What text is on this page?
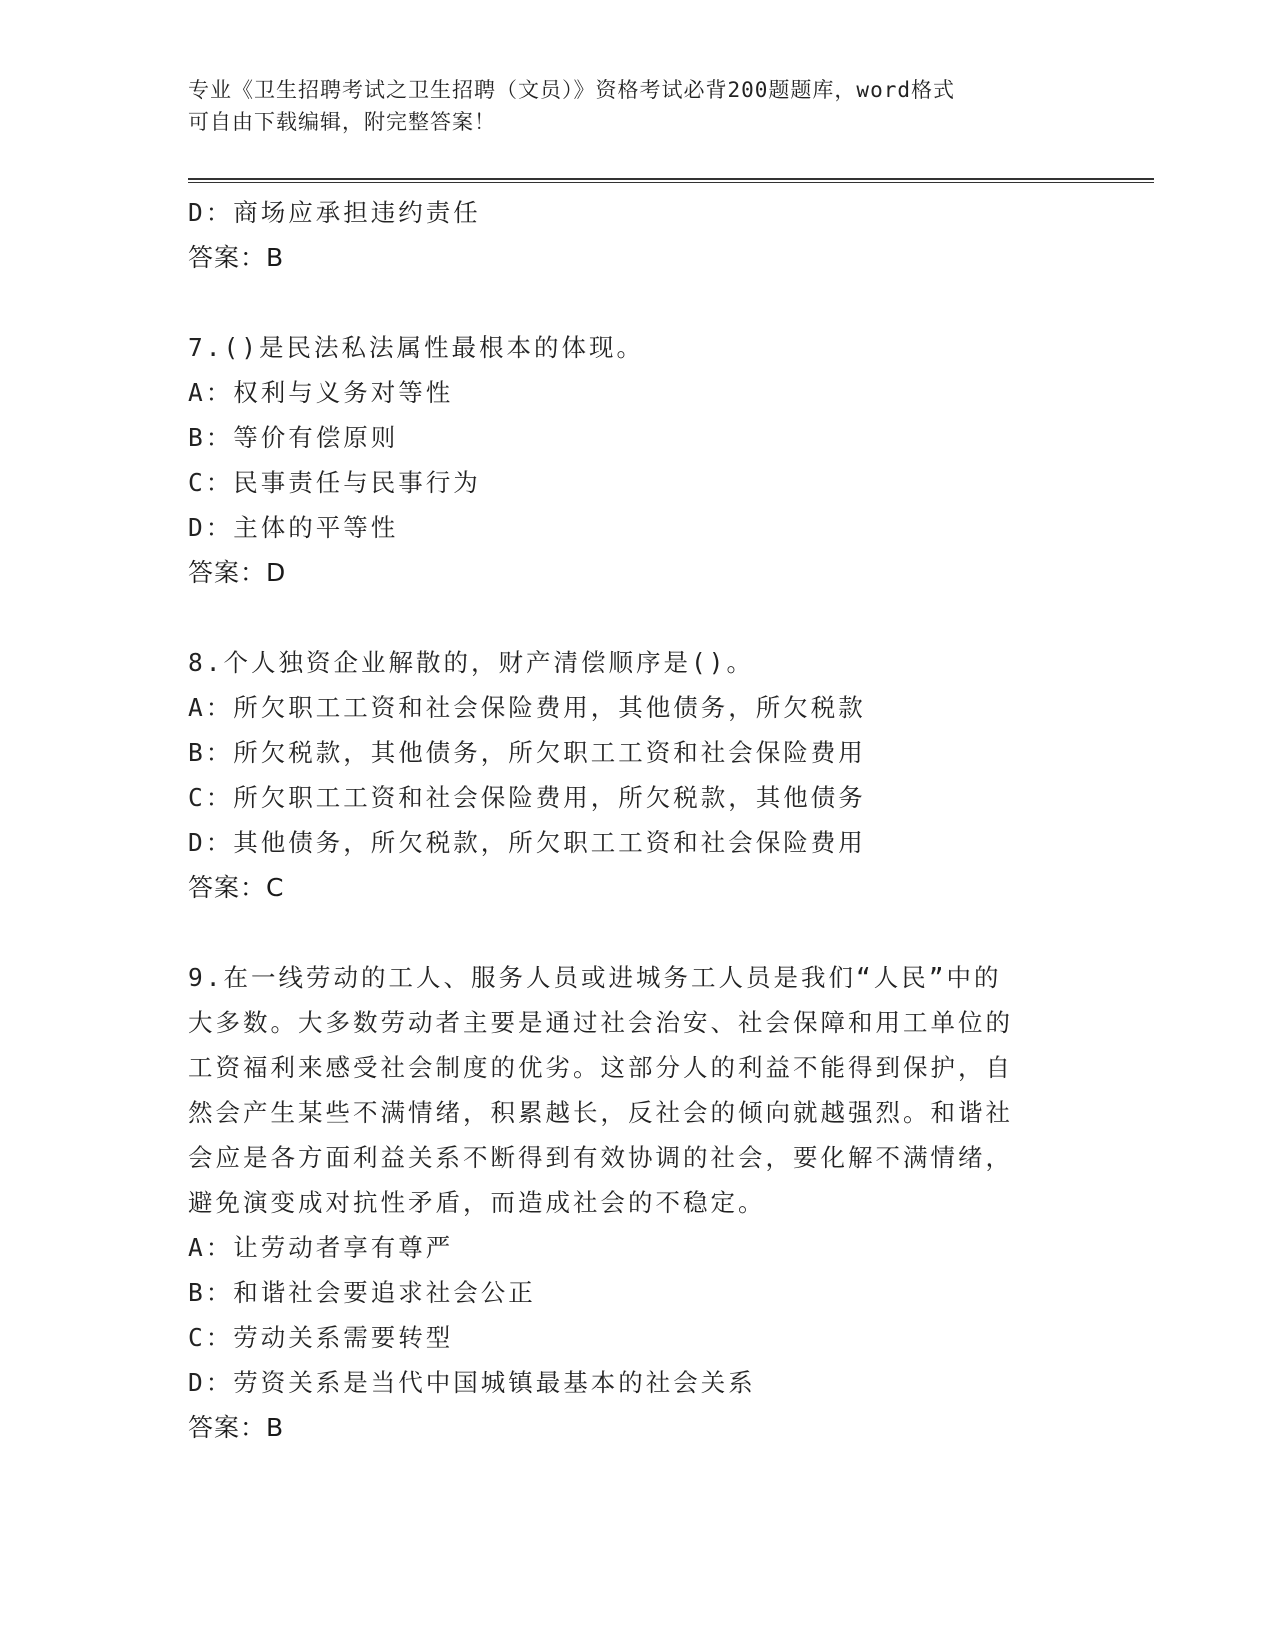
专业《卫生招聘考试之卫生招聘（文员）》资格考试必背200题题库，word格式
可自由下载编辑，附完整答案！
D：商场应承担违约责任
答案：B
7.()是民法私法属性最根本的体现。
A：权利与义务对等性
B：等价有偿原则
C：民事责任与民事行为
D：主体的平等性
答案：D
8.个人独资企业解散的，财产清偿顺序是()。
A：所欠职工工资和社会保险费用，其他债务，所欠税款
B：所欠税款，其他债务，所欠职工工资和社会保险费用
C：所欠职工工资和社会保险费用，所欠税款，其他债务
D：其他债务，所欠税款，所欠职工工资和社会保险费用
答案：C
9.在一线劳动的工人、服务人员或进城务工人员是我们“人民”中的
大多数。大多数劳动者主要是通过社会治安、社会保障和用工单位的
工资福利来感受社会制度的优劣。这部分人的利益不能得到保护，自
然会产生某些不满情绪，积累越长，反社会的倾向就越强烈。和谐社
会应是各方面利益关系不断得到有效协调的社会，要化解不满情绪，
避免演变成对抗性矛盾，而造成社会的不稳定。
A：让劳动者享有尊严
B：和谐社会要追求社会公正
C：劳动关系需要转型
D：劳资关系是当代中国城镇最基本的社会关系
答案：B
